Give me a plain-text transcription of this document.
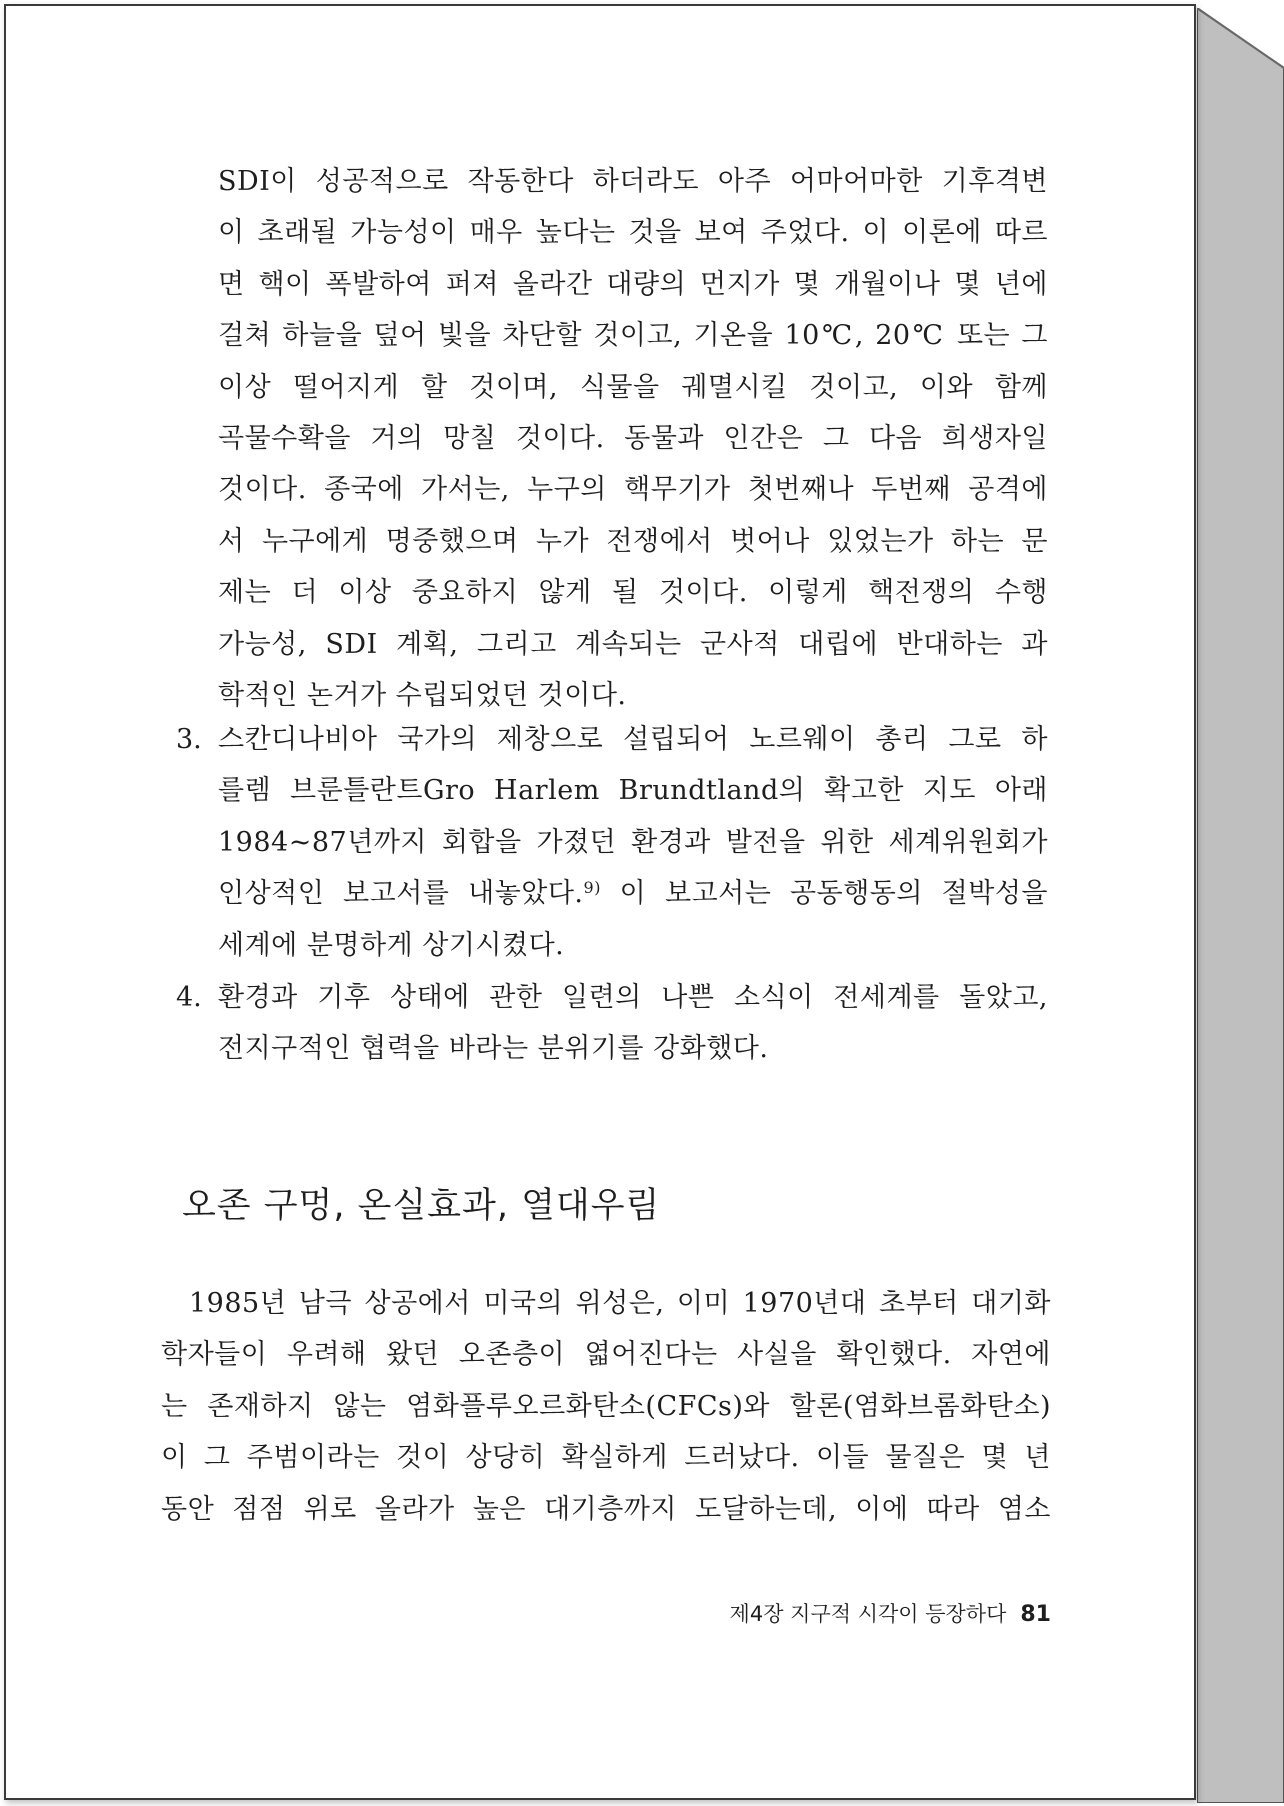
SDI이 성공적으로 작동한다 하더라도 아주 어마어마한 기후격변
이 초래될 가능성이 매우 높다는 것을 보여 주었다. 이 이론에 따르
면 핵이 폭발하여 퍼져 올라간 대량의 먼지가 몇 개월이나 몇 년에
걸쳐 하늘을 덮어 빛을 차단할 것이고, 기온을 10℃, 20℃ 또는 그
이상 떨어지게 할 것이며, 식물을 궤멸시킬 것이고, 이와 함께
곡물수확을 거의 망칠 것이다. 동물과 인간은 그 다음 희생자일
것이다. 종국에 가서는, 누구의 핵무기가 첫번째나 두번째 공격에
서 누구에게 명중했으며 누가 전쟁에서 벗어나 있었는가 하는 문
제는 더 이상 중요하지 않게 될 것이다. 이렇게 핵전쟁의 수행
가능성, SDI 계획, 그리고 계속되는 군사적 대립에 반대하는 과
학적인 논거가 수립되었던 것이다.

3. 스칸디나비아 국가의 제창으로 설립되어 노르웨이 총리 그로 하
를렘 브룬틀란트Gro Harlem Brundtland의 확고한 지도 아래
1984~87년까지 회합을 가졌던 환경과 발전을 위한 세계위원회가
인상적인 보고서를 내놓았다.$^{9)}$ 이 보고서는 공동행동의 절박성을
세계에 분명하게 상기시켰다.

4. 환경과 기후 상태에 관한 일련의 나쁜 소식이 전세계를 돌았고,
전지구적인 협력을 바라는 분위기를 강화했다.

오존 구멍, 온실효과, 열대우림

1985년 남극 상공에서 미국의 위성은, 이미 1970년대 초부터 대기화
학자들이 우려해 왔던 오존층이 엷어진다는 사실을 확인했다. 자연에
는 존재하지 않는 염화플루오르화탄소(CFCs)와 할론(염화브롬화탄소)
이 그 주범이라는 것이 상당히 확실하게 드러났다. 이들 물질은 몇 년
동안 점점 위로 올라가 높은 대기층까지 도달하는데, 이에 따라 염소

제4장 지구적 시각이 등장하다 81
